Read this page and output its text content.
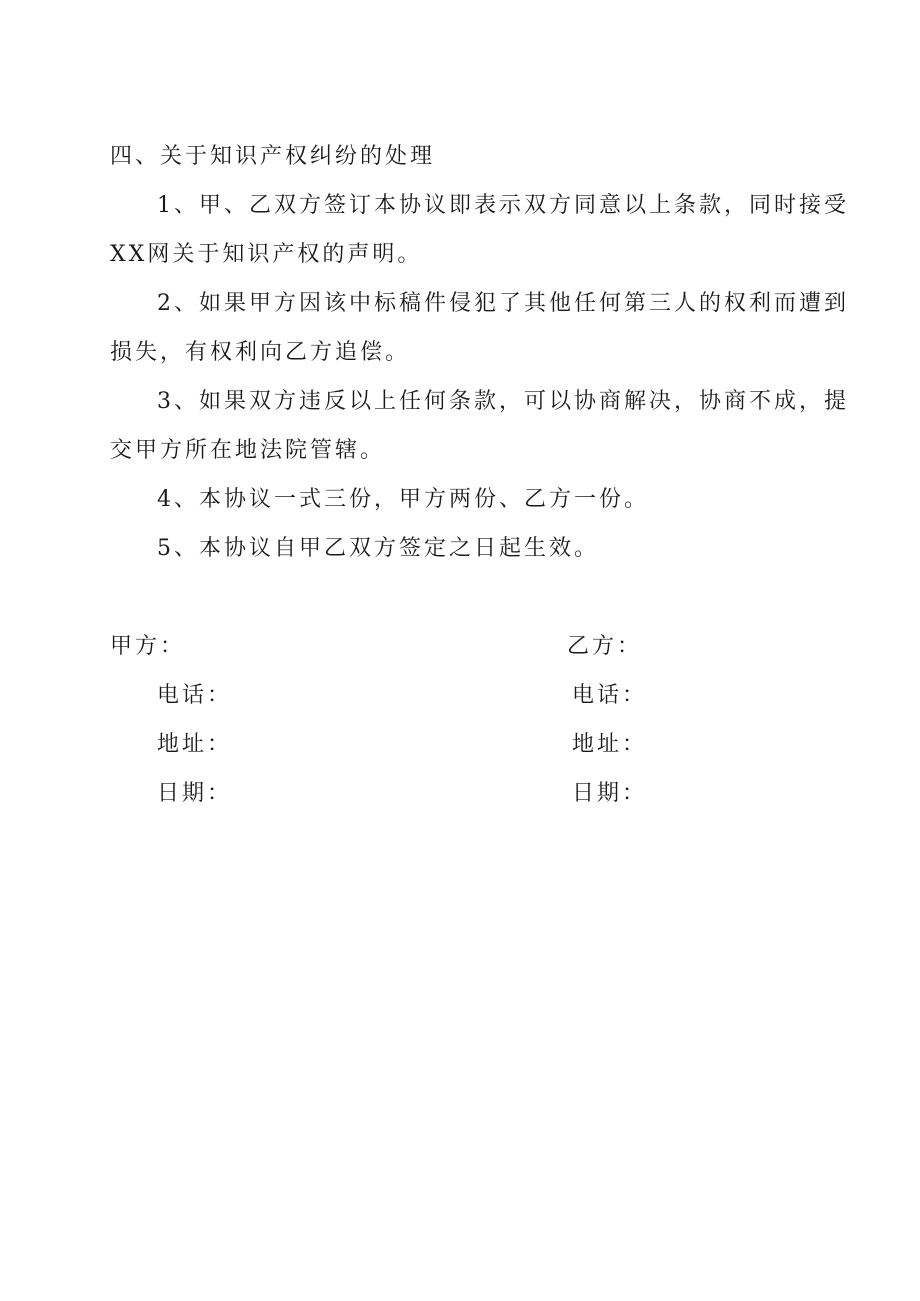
四、关于知识产权纠纷的处理
1、甲、乙双方签订本协议即表示双方同意以上条款，同时接受
XX网关于知识产权的声明。
2、如果甲方因该中标稿件侵犯了其他任何第三人的权利而遭到
损失，有权利向乙方追偿。
3、如果双方违反以上任何条款，可以协商解决，协商不成，提
交甲方所在地法院管辖。
4、本协议一式三份，甲方两份、乙方一份。
5、本协议自甲乙双方签定之日起生效。
甲方：
电话：
地址：
日期：
乙方：
电话：
地址：
日期：
